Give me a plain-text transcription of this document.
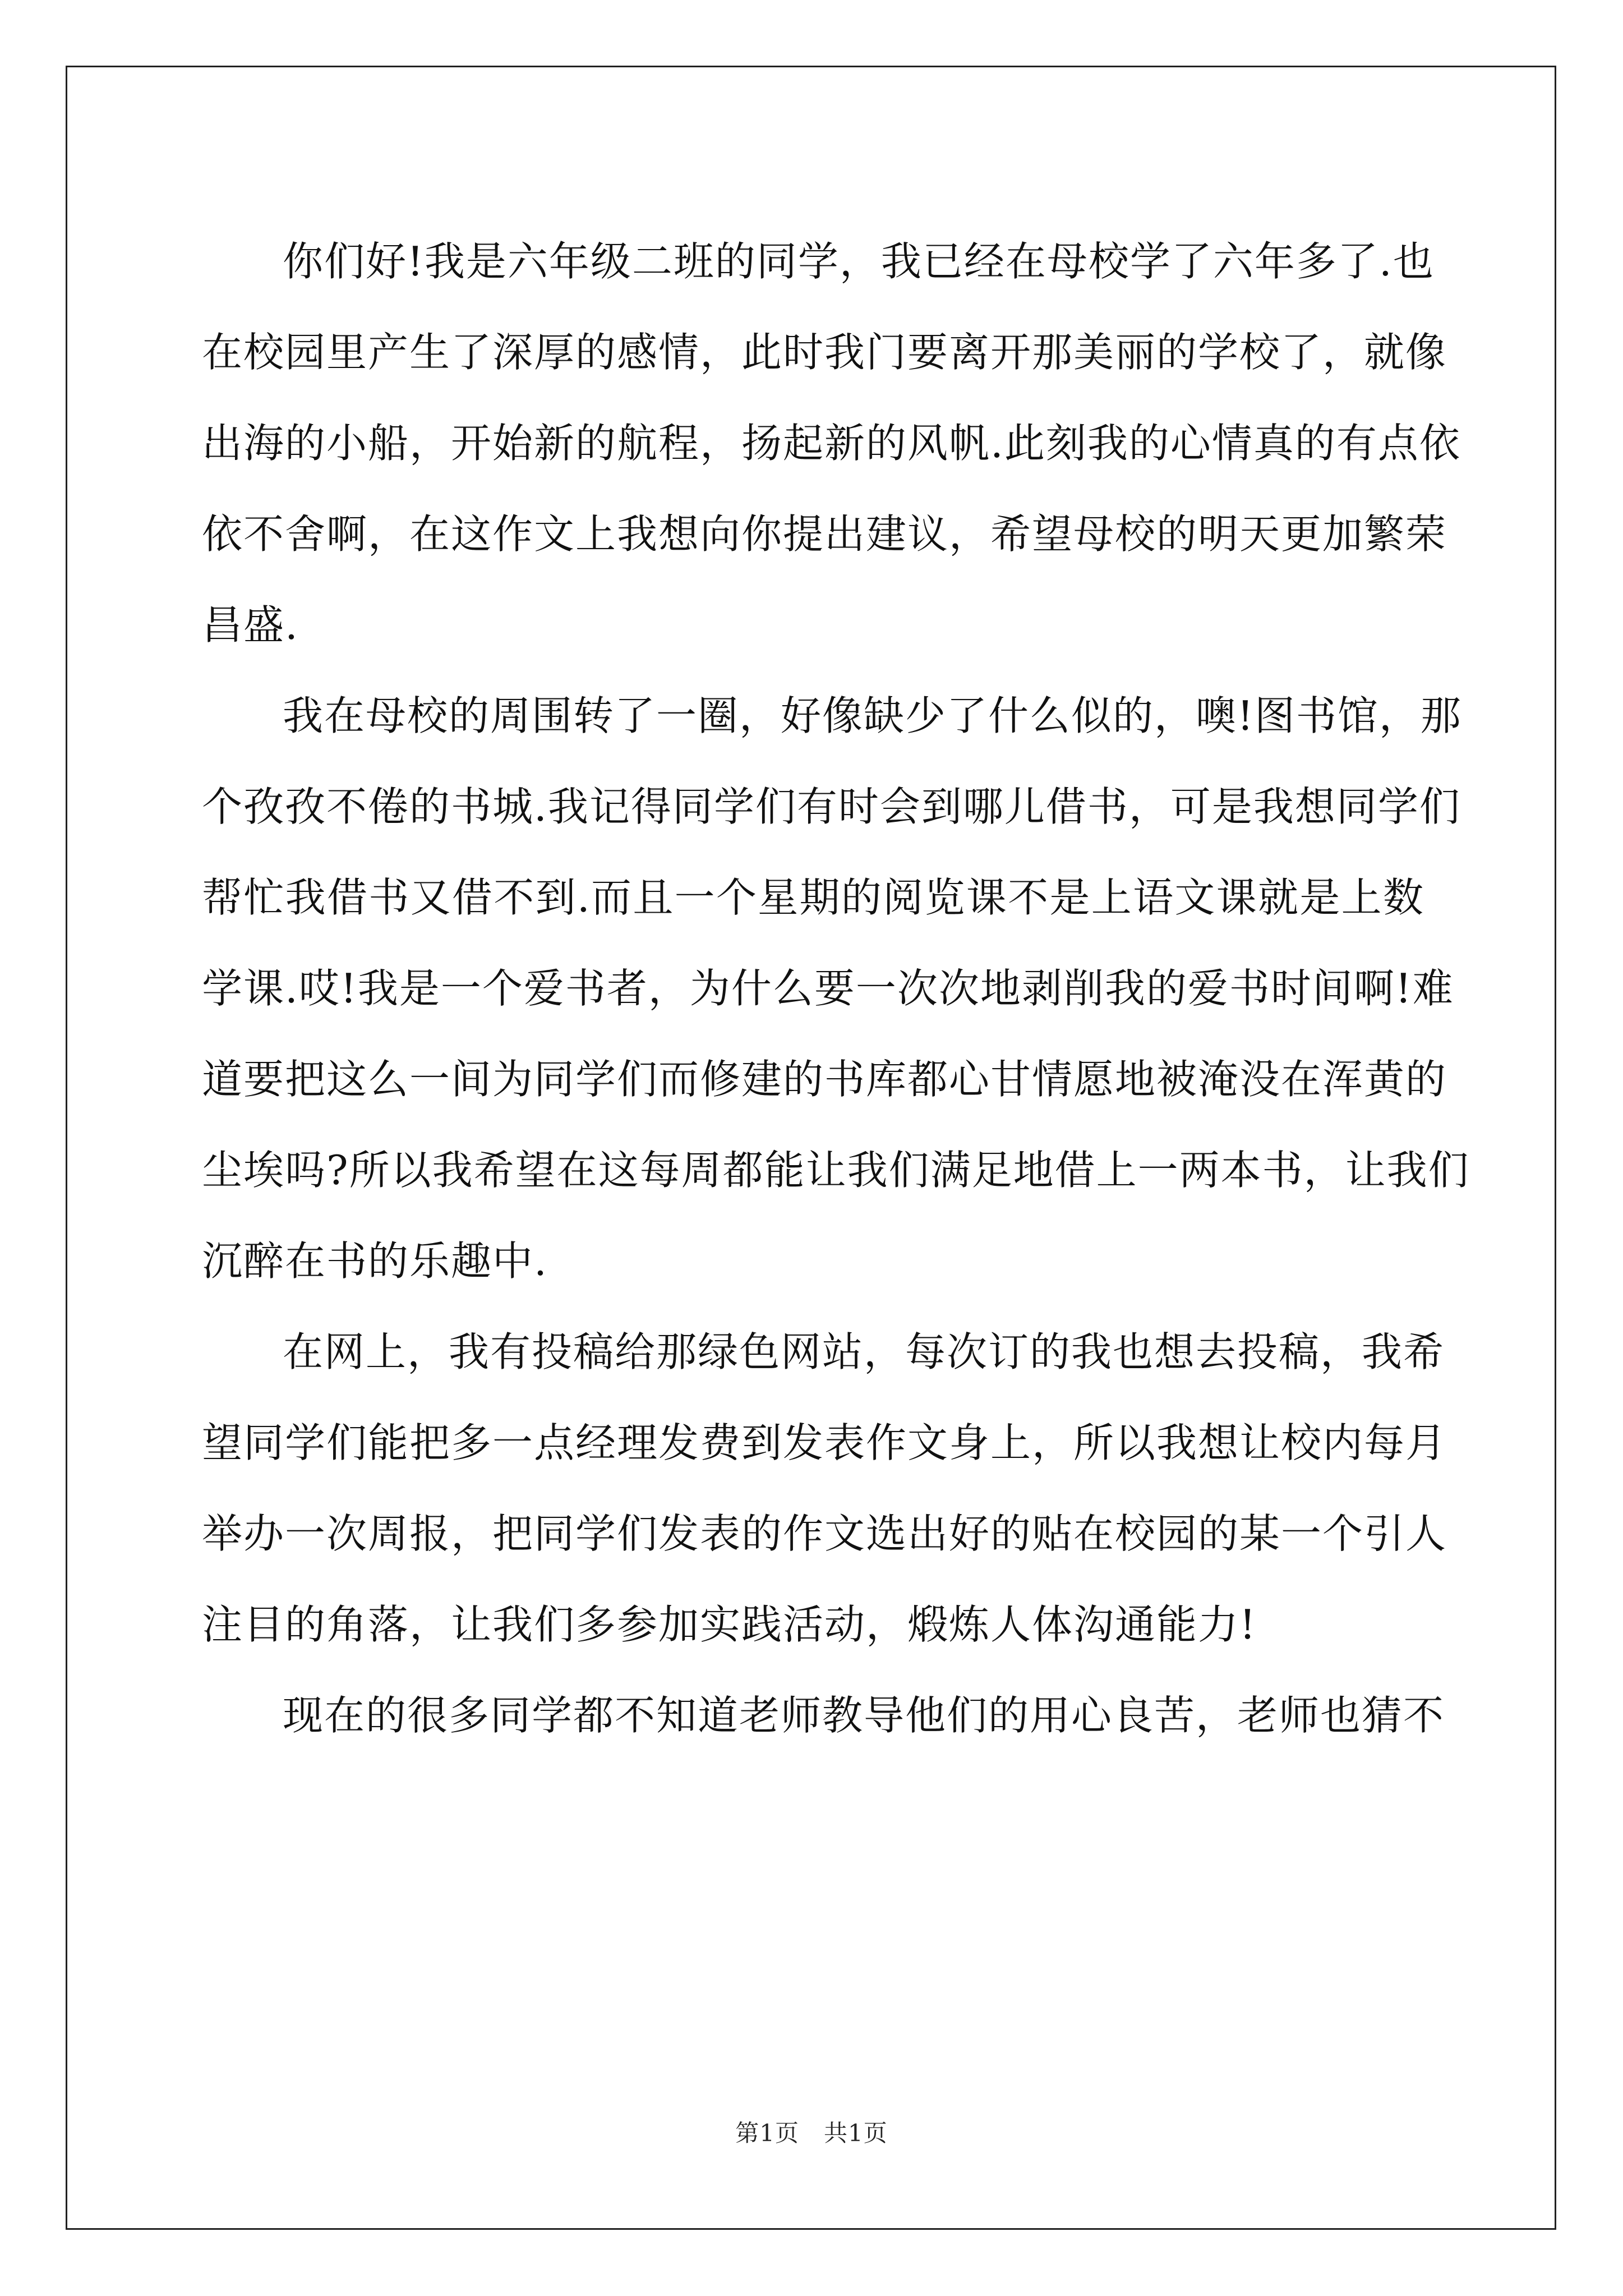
你们好!我是六年级二班的同学，我已经在母校学了六年多了.也
在校园里产生了深厚的感情，此时我门要离开那美丽的学校了，就像
出海的小船，开始新的航程，扬起新的风帆.此刻我的心情真的有点依
依不舍啊，在这作文上我想向你提出建议，希望母校的明天更加繁荣
昌盛.

我在母校的周围转了一圈，好像缺少了什么似的，噢!图书馆，那
个孜孜不倦的书城.我记得同学们有时会到哪儿借书，可是我想同学们
帮忙我借书又借不到.而且一个星期的阅览课不是上语文课就是上数
学课.哎!我是一个爱书者，为什么要一次次地剥削我的爱书时间啊!难
道要把这么一间为同学们而修建的书库都心甘情愿地被淹没在浑黄的
尘埃吗?所以我希望在这每周都能让我们满足地借上一两本书，让我们
沉醉在书的乐趣中.

在网上，我有投稿给那绿色网站，每次订的我也想去投稿，我希
望同学们能把多一点经理发费到发表作文身上，所以我想让校内每月
举办一次周报，把同学们发表的作文选出好的贴在校园的某一个引人
注目的角落，让我们多参加实践活动，煅炼人体沟通能力!

现在的很多同学都不知道老师教导他们的用心良苦，老师也猜不

第1页 共1页
